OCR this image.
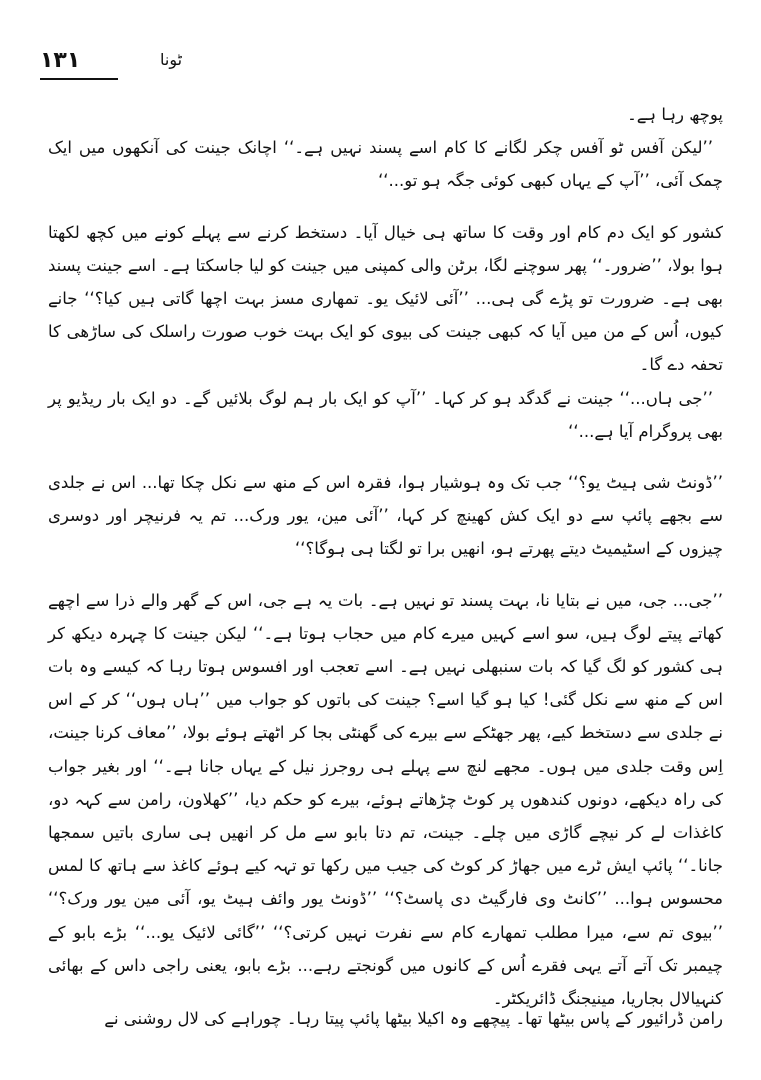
١٣١	ٹونا

پوچھ رہا ہے۔

’’لیکن آفس ٹو آفس چکر لگانے کا کام اسے پسند نہیں ہے۔‘‘ اچانک جینت کی آنکھوں میں ایک چمک آئی، ’’آپ کے یہاں کبھی کوئی جگہ ہو تو...‘‘

کشور کو ایک دم کام اور وقت کا ساتھ ہی خیال آیا۔ دستخط کرنے سے پہلے کونے میں کچھ لکھتا ہوا بولا، ’’ضرور۔‘‘ پھر سوچنے لگا، برٹن والی کمپنی میں جینت کو لیا جاسکتا ہے۔ اسے جینت پسند بھی ہے۔ ضرورت تو پڑے گی ہی... ’’آئی لائیک یو۔ تمھاری مسز بہت اچھا گاتی ہیں کیا؟‘‘ جانے کیوں، اُس کے من میں آیا کہ کبھی جینت کی بیوی کو ایک بہت خوب صورت راسلک کی ساڑھی کا تحفہ دے گا۔

’’جی ہاں...‘‘ جینت نے گدگد ہو کر کہا۔ ’’آپ کو ایک بار ہم لوگ بلائیں گے۔ دو ایک بار ریڈیو پر بھی پروگرام آیا ہے...‘‘

’’ڈونٹ شی ہیٹ یو؟‘‘ جب تک وہ ہوشیار ہوا، فقرہ اس کے منھ سے نکل چکا تھا... اس نے جلدی سے بجھے پائپ سے دو ایک کش کھینچ کر کہا، ’’آئی مین، یور ورک... تم یہ فرنیچر اور دوسری چیزوں کے اسٹیمیٹ دیتے پھرتے ہو، انھیں برا تو لگتا ہی ہوگا؟‘‘

’’جی... جی، میں نے بتایا نا، بہت پسند تو نہیں ہے۔ بات یہ ہے جی، اس کے گھر والے ذرا سے اچھے کھاتے پیتے لوگ ہیں، سو اسے کہیں میرے کام میں حجاب ہوتا ہے۔‘‘ لیکن جینت کا چہرہ دیکھ کر ہی کشور کو لگ گیا کہ بات سنبھلی نہیں ہے۔ اسے تعجب اور افسوس ہوتا رہا کہ کیسے وہ بات اس کے منھ سے نکل گئی! کیا ہو گیا اسے؟ جینت کی باتوں کو جواب میں ’’ہاں ہوں‘‘ کر کے اس نے جلدی سے دستخط کیے، پھر جھٹکے سے بیرے کی گھنٹی بجا کر اٹھتے ہوئے بولا، ’’معاف کرنا جینت، اِس وقت جلدی میں ہوں۔ مجھے لنچ سے پہلے ہی روجرز نیل کے یہاں جانا ہے۔‘‘ اور بغیر جواب کی راہ دیکھے، دونوں کندھوں پر کوٹ چڑھاتے ہوئے، بیرے کو حکم دیا، ’’کھلاون، رامن سے کہہ دو، کاغذات لے کر نیچے گاڑی میں چلے۔ جینت، تم دتا بابو سے مل کر انھیں ہی ساری باتیں سمجھا جانا۔‘‘ پائپ ایش ٹرے میں جھاڑ کر کوٹ کی جیب میں رکھا تو تہہ کیے ہوئے کاغذ سے ہاتھ کا لمس محسوس ہوا... ’’کانٹ وی فارگیٹ دی پاسٹ؟‘‘ ’’ڈونٹ یور وائف ہیٹ یو، آئی مین یور ورک؟‘‘ ’’بیوی تم سے، میرا مطلب تمھارے کام سے نفرت نہیں کرتی؟‘‘ ’’گائی لائیک یو...‘‘ بڑے بابو کے چیمبر تک آتے آتے یہی فقرے اُس کے کانوں میں گونجتے رہے... بڑے بابو، یعنی راجی داس کے بھائی کنہیالال بجاریا، مینیجنگ ڈائریکٹر۔

رامن ڈرائیور کے پاس بیٹھا تھا۔ پیچھے وہ اکیلا بیٹھا پائپ پیتا رہا۔ چوراہے کی لال روشنی نے
